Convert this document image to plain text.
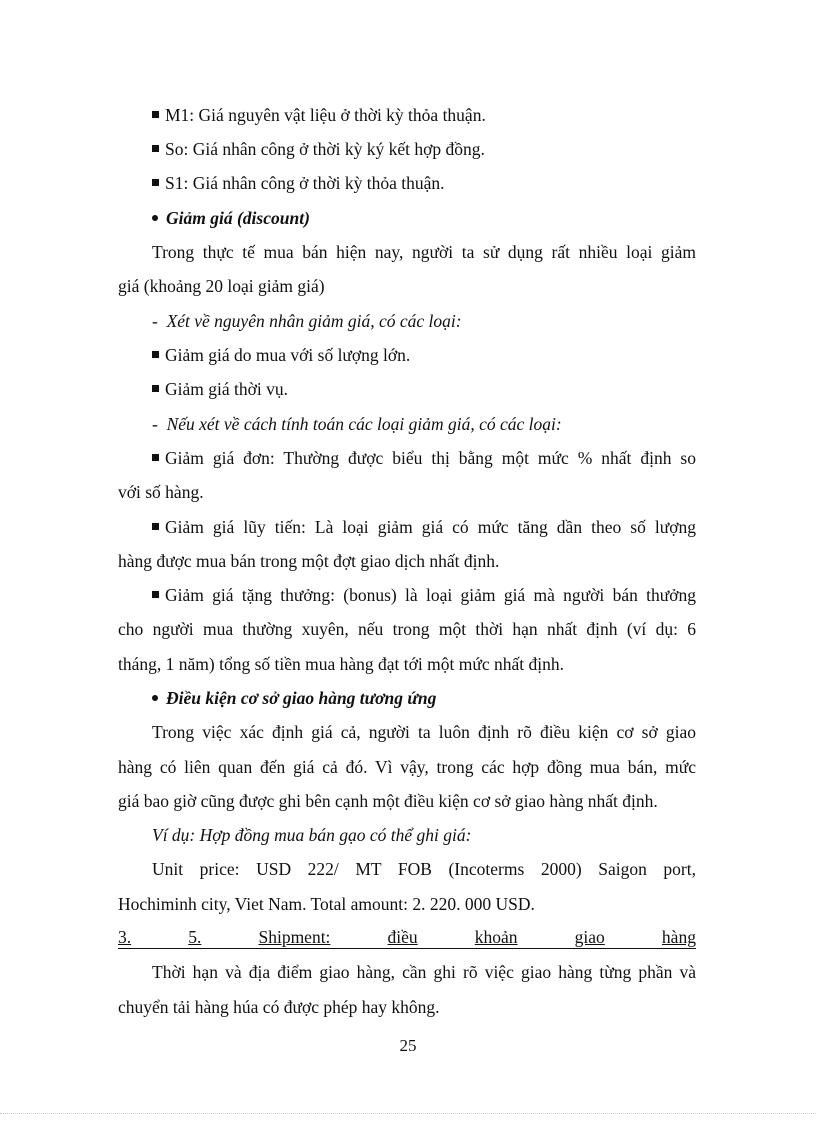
M1: Giá nguyên vật liệu ở thời kỳ thỏa thuận.
So: Giá nhân công ở thời kỳ ký kết hợp đồng.
S1: Giá nhân công ở thời kỳ thỏa thuận.
Giảm giá (discount)
Trong thực tế mua bán hiện nay, người ta sử dụng rất nhiều loại giảm
giá (khoảng 20 loại giảm giá)
-  Xét về nguyên nhân giảm giá, có các loại:
Giảm giá do mua với số lượng lớn.
Giảm giá thời vụ.
-  Nếu xét về cách tính toán các loại giảm giá, có các loại:
Giảm giá đơn: Thường được biểu thị bằng một mức % nhất định so
với số hàng.
Giảm giá lũy tiến: Là loại giảm giá có mức tăng dần theo số lượng
hàng được mua bán trong một đợt giao dịch nhất định.
Giảm giá tặng thưởng: (bonus) là loại giảm giá mà người bán thưởng
cho người mua thường xuyên, nếu trong một thời hạn nhất định (ví dụ: 6
tháng, 1 năm) tổng số tiền mua hàng đạt tới một mức nhất định.
Điều kiện cơ sở giao hàng tương ứng
Trong việc xác định giá cả, người ta luôn định rõ điều kiện cơ sở giao
hàng có liên quan đến giá cả đó. Vì vậy, trong các hợp đồng mua bán, mức
giá bao giờ cũng được ghi bên cạnh một điều kiện cơ sở giao hàng nhất định.
Ví dụ: Hợp đồng mua bán gạo có thể ghi giá:
Unit price: USD 222/ MT FOB (Incoterms 2000) Saigon port,
Hochiminh city, Viet Nam. Total amount: 2. 220. 000 USD.
3.	5.	Shipment:	điều	khoản	giao	hàng
Thời hạn và địa điểm giao hàng, cần ghi rõ việc giao hàng từng phần và
chuyển tải hàng húa có được phép hay không.
25
